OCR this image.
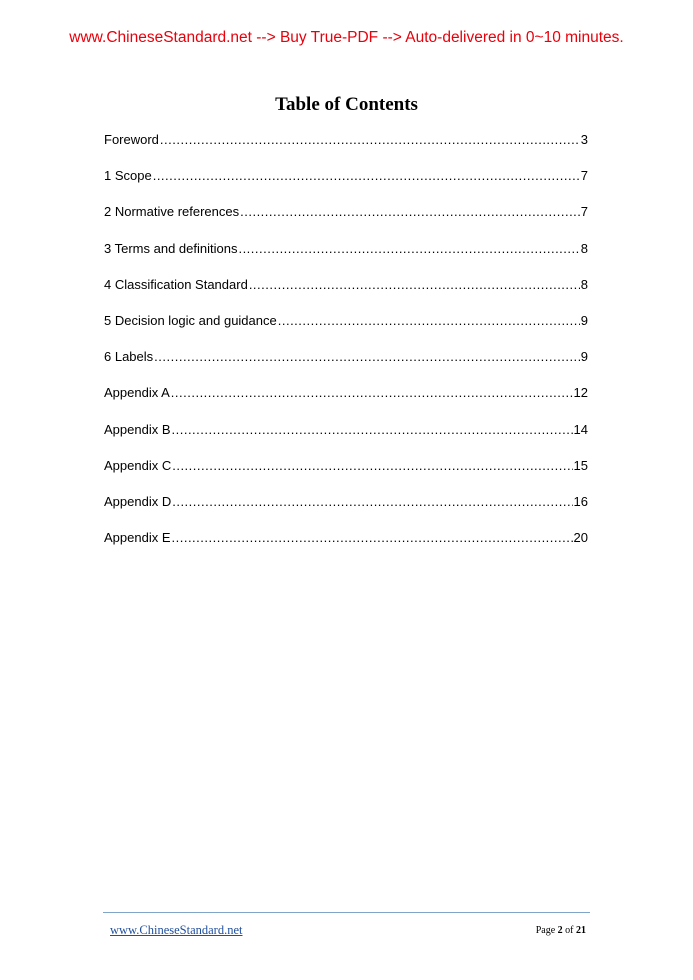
www.ChineseStandard.net --> Buy True-PDF --> Auto-delivered in 0~10 minutes.
Table of Contents
Foreword .....	3
1 Scope .....	7
2 Normative references .....	7
3 Terms and definitions .....	8
4 Classification Standard .....	8
5 Decision logic and guidance .....	9
6 Labels .....	9
Appendix A .....	12
Appendix B .....	14
Appendix C .....	15
Appendix D .....	16
Appendix E .....	20
www.ChineseStandard.net	Page 2 of 21
